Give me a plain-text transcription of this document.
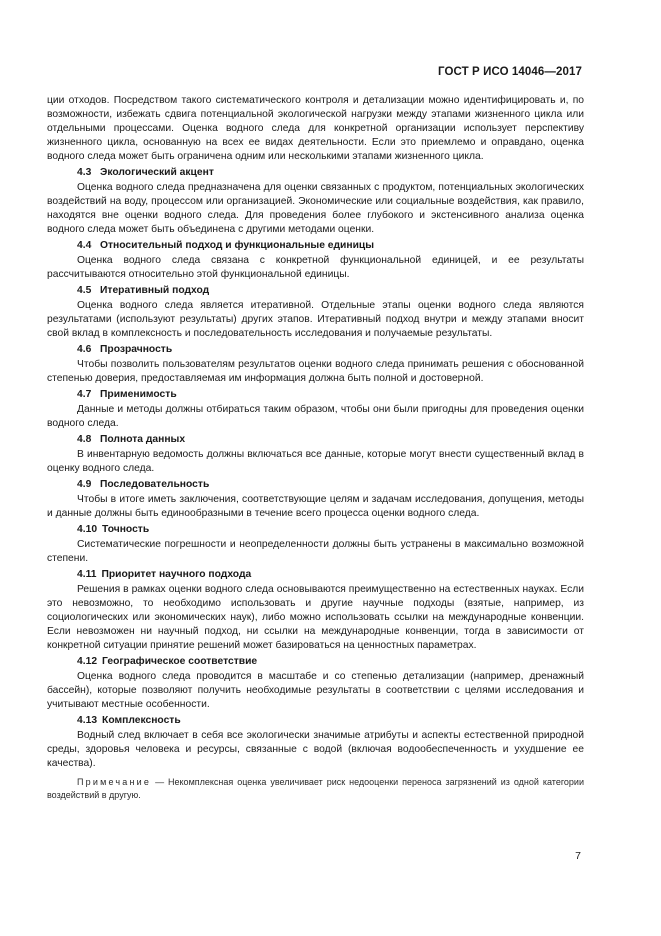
ГОСТ Р ИСО 14046—2017

ции отходов. Посредством такого систематического контроля и детализации можно идентифицировать и, по возможности, избежать сдвига потенциальной экологической нагрузки между этапами жизненного цикла или отдельными процессами. Оценка водного следа для конкретной организации использует перспективу жизненного цикла, основанную на всех ее видах деятельности. Если это приемлемо и оправдано, оценка водного следа может быть ограничена одним или несколькими этапами жизненного цикла.

4.3 Экологический акцент

Оценка водного следа предназначена для оценки связанных с продуктом, потенциальных экологических воздействий на воду, процессом или организацией. Экономические или социальные воздействия, как правило, находятся вне оценки водного следа. Для проведения более глубокого и экстенсивного анализа оценка водного следа может быть объединена с другими методами оценки.

4.4 Относительный подход и функциональные единицы

Оценка водного следа связана с конкретной функциональной единицей, и ее результаты рассчитываются относительно этой функциональной единицы.

4.5 Итеративный подход

Оценка водного следа является итеративной. Отдельные этапы оценки водного следа являются результатами (используют результаты) других этапов. Итеративный подход внутри и между этапами вносит свой вклад в комплексность и последовательность исследования и получаемые результаты.

4.6 Прозрачность

Чтобы позволить пользователям результатов оценки водного следа принимать решения с обоснованной степенью доверия, предоставляемая им информация должна быть полной и достоверной.

4.7 Применимость

Данные и методы должны отбираться таким образом, чтобы они были пригодны для проведения оценки водного следа.

4.8 Полнота данных

В инвентарную ведомость должны включаться все данные, которые могут внести существенный вклад в оценку водного следа.

4.9 Последовательность

Чтобы в итоге иметь заключения, соответствующие целям и задачам исследования, допущения, методы и данные должны быть единообразными в течение всего процесса оценки водного следа.

4.10 Точность

Систематические погрешности и неопределенности должны быть устранены в максимально возможной степени.

4.11 Приоритет научного подхода

Решения в рамках оценки водного следа основываются преимущественно на естественных науках. Если это невозможно, то необходимо использовать и другие научные подходы (взятые, например, из социологических или экономических наук), либо можно использовать ссылки на международные конвенции. Если невозможен ни научный подход, ни ссылки на международные конвенции, тогда в зависимости от конкретной ситуации принятие решений может базироваться на ценностных параметрах.

4.12 Географическое соответствие

Оценка водного следа проводится в масштабе и со степенью детализации (например, дренажный бассейн), которые позволяют получить необходимые результаты в соответствии с целями исследования и учитывают местные особенности.

4.13 Комплексность

Водный след включает в себя все экологически значимые атрибуты и аспекты естественной природной среды, здоровья человека и ресурсы, связанные с водой (включая водообеспеченность и ухудшение ее качества).

Примечание — Некомплексная оценка увеличивает риск недооценки переноса загрязнений из одной категории воздействий в другую.

7
